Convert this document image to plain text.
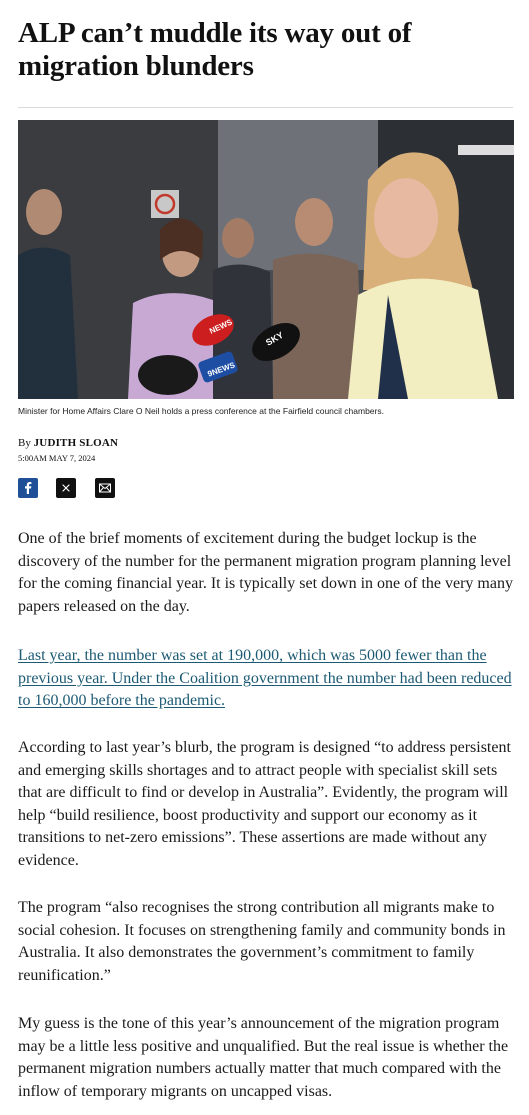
ALP can’t muddle its way out of migration blunders
NEWS
SKY
9NEWS

Minister for Home Affairs Clare O Neil holds a press conference at the Fairfield council chambers.

By JUDITH SLOAN
5:00AM MAY 7, 2024

One of the brief moments of excitement during the budget lockup is the discovery of the number for the permanent migration program planning level for the coming financial year. It is typically set down in one of the very many papers released on the day.

Last year, the number was set at 190,000, which was 5000 fewer than the previous year. Under the Coalition government the number had been reduced to 160,000 before the pandemic.

According to last year’s blurb, the program is designed “to address persistent and emerging skills shortages and to attract people with specialist skill sets that are difficult to find or develop in Australia”. Evidently, the program will help “build resilience, boost productivity and support our economy as it transitions to net-zero emissions”. These assertions are made without any evidence.

The program “also recognises the strong contribution all migrants make to social cohesion. It focuses on strengthening family and community bonds in Australia. It also demonstrates the government’s commitment to family reunification.”

My guess is the tone of this year’s announcement of the migration program may be a little less positive and unqualified. But the real issue is whether the permanent migration numbers actually matter that much compared with the inflow of temporary migrants on uncapped visas.
